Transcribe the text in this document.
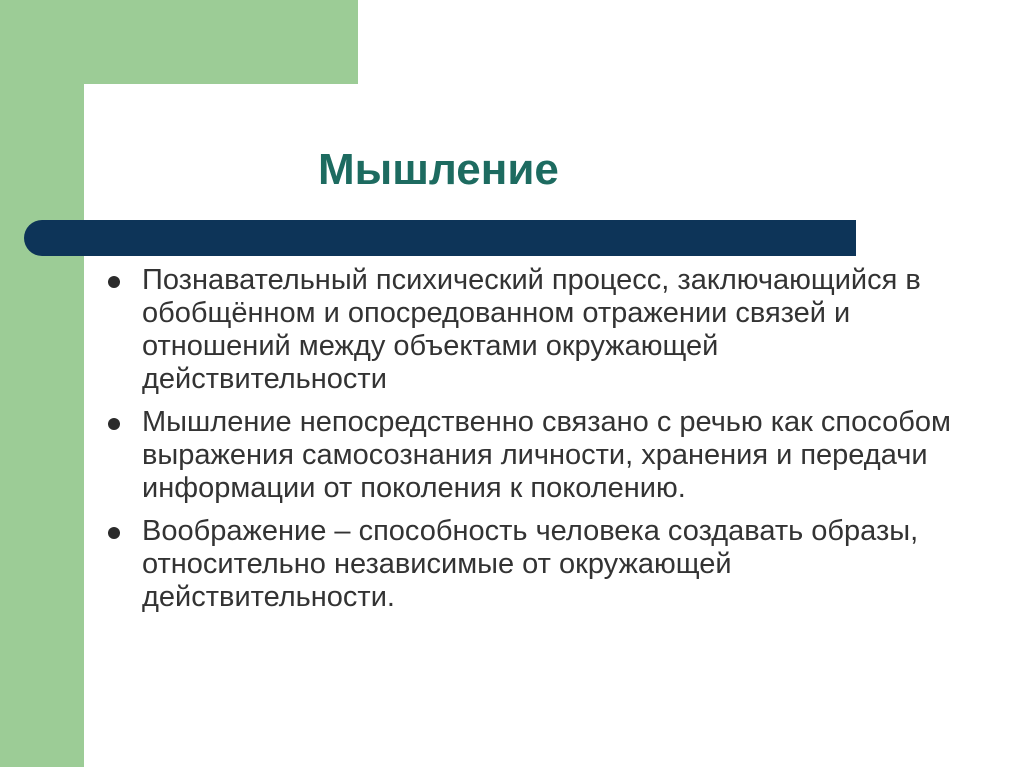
Мышление
Познавательный психический процесс, заключающийся в обобщённом и опосредованном отражении связей и отношений между объектами окружающей действительности
Мышление непосредственно связано с речью как способом выражения самосознания личности, хранения и передачи информации от поколения к поколению.
Воображение – способность человека создавать образы, относительно независимые от окружающей действительности.
